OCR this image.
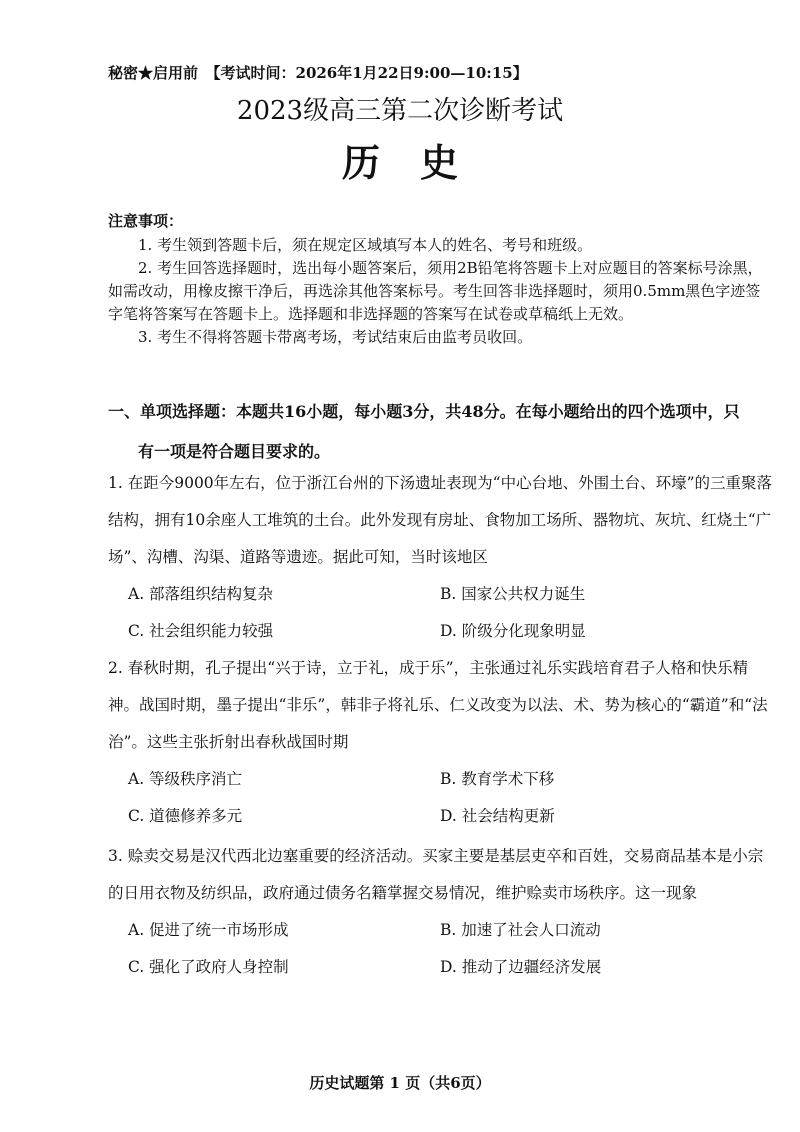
秘密★启用前　【考试时间：2026年1月22日9:00—10:15】
2023级高三第二次诊断考试
历史
注意事项：

1. 考生领到答题卡后，须在规定区域填写本人的姓名、考号和班级。

2. 考生回答选择题时，选出每小题答案后，须用2B铅笔将答题卡上对应题目的答案标号涂黑，如需改动，用橡皮擦干净后，再选涂其他答案标号。考生回答非选择题时，须用0.5mm黑色字迹签字笔将答案写在答题卡上。选择题和非选择题的答案写在试卷或草稿纸上无效。

3. 考生不得将答题卡带离考场，考试结束后由监考员收回。

一、单项选择题：本题共16小题，每小题3分，共48分。在每小题给出的四个选项中，只
有一项是符合题目要求的。

1. 在距今9000年左右，位于浙江台州的下汤遗址表现为“中心台地、外围土台、环壕”的三重聚落结构，拥有10余座人工堆筑的土台。此外发现有房址、食物加工场所、器物坑、灰坑、红烧土“广场”、沟槽、沟渠、道路等遗迹。据此可知，当时该地区

A. 部落组织结构复杂	B. 国家公共权力诞生
C. 社会组织能力较强	D. 阶级分化现象明显

2. 春秋时期，孔子提出“兴于诗，立于礼，成于乐”，主张通过礼乐实践培育君子人格和快乐精神。战国时期，墨子提出“非乐”，韩非子将礼乐、仁义改变为以法、术、势为核心的“霸道”和“法治”。这些主张折射出春秋战国时期

A. 等级秩序消亡	B. 教育学术下移
C. 道德修养多元	D. 社会结构更新

3. 赊卖交易是汉代西北边塞重要的经济活动。买家主要是基层吏卒和百姓，交易商品基本是小宗的日用衣物及纺织品，政府通过债务名籍掌握交易情况，维护赊卖市场秩序。这一现象

A. 促进了统一市场形成	B. 加速了社会人口流动
C. 强化了政府人身控制	D. 推动了边疆经济发展
历史试题第 1 页（共6页）
